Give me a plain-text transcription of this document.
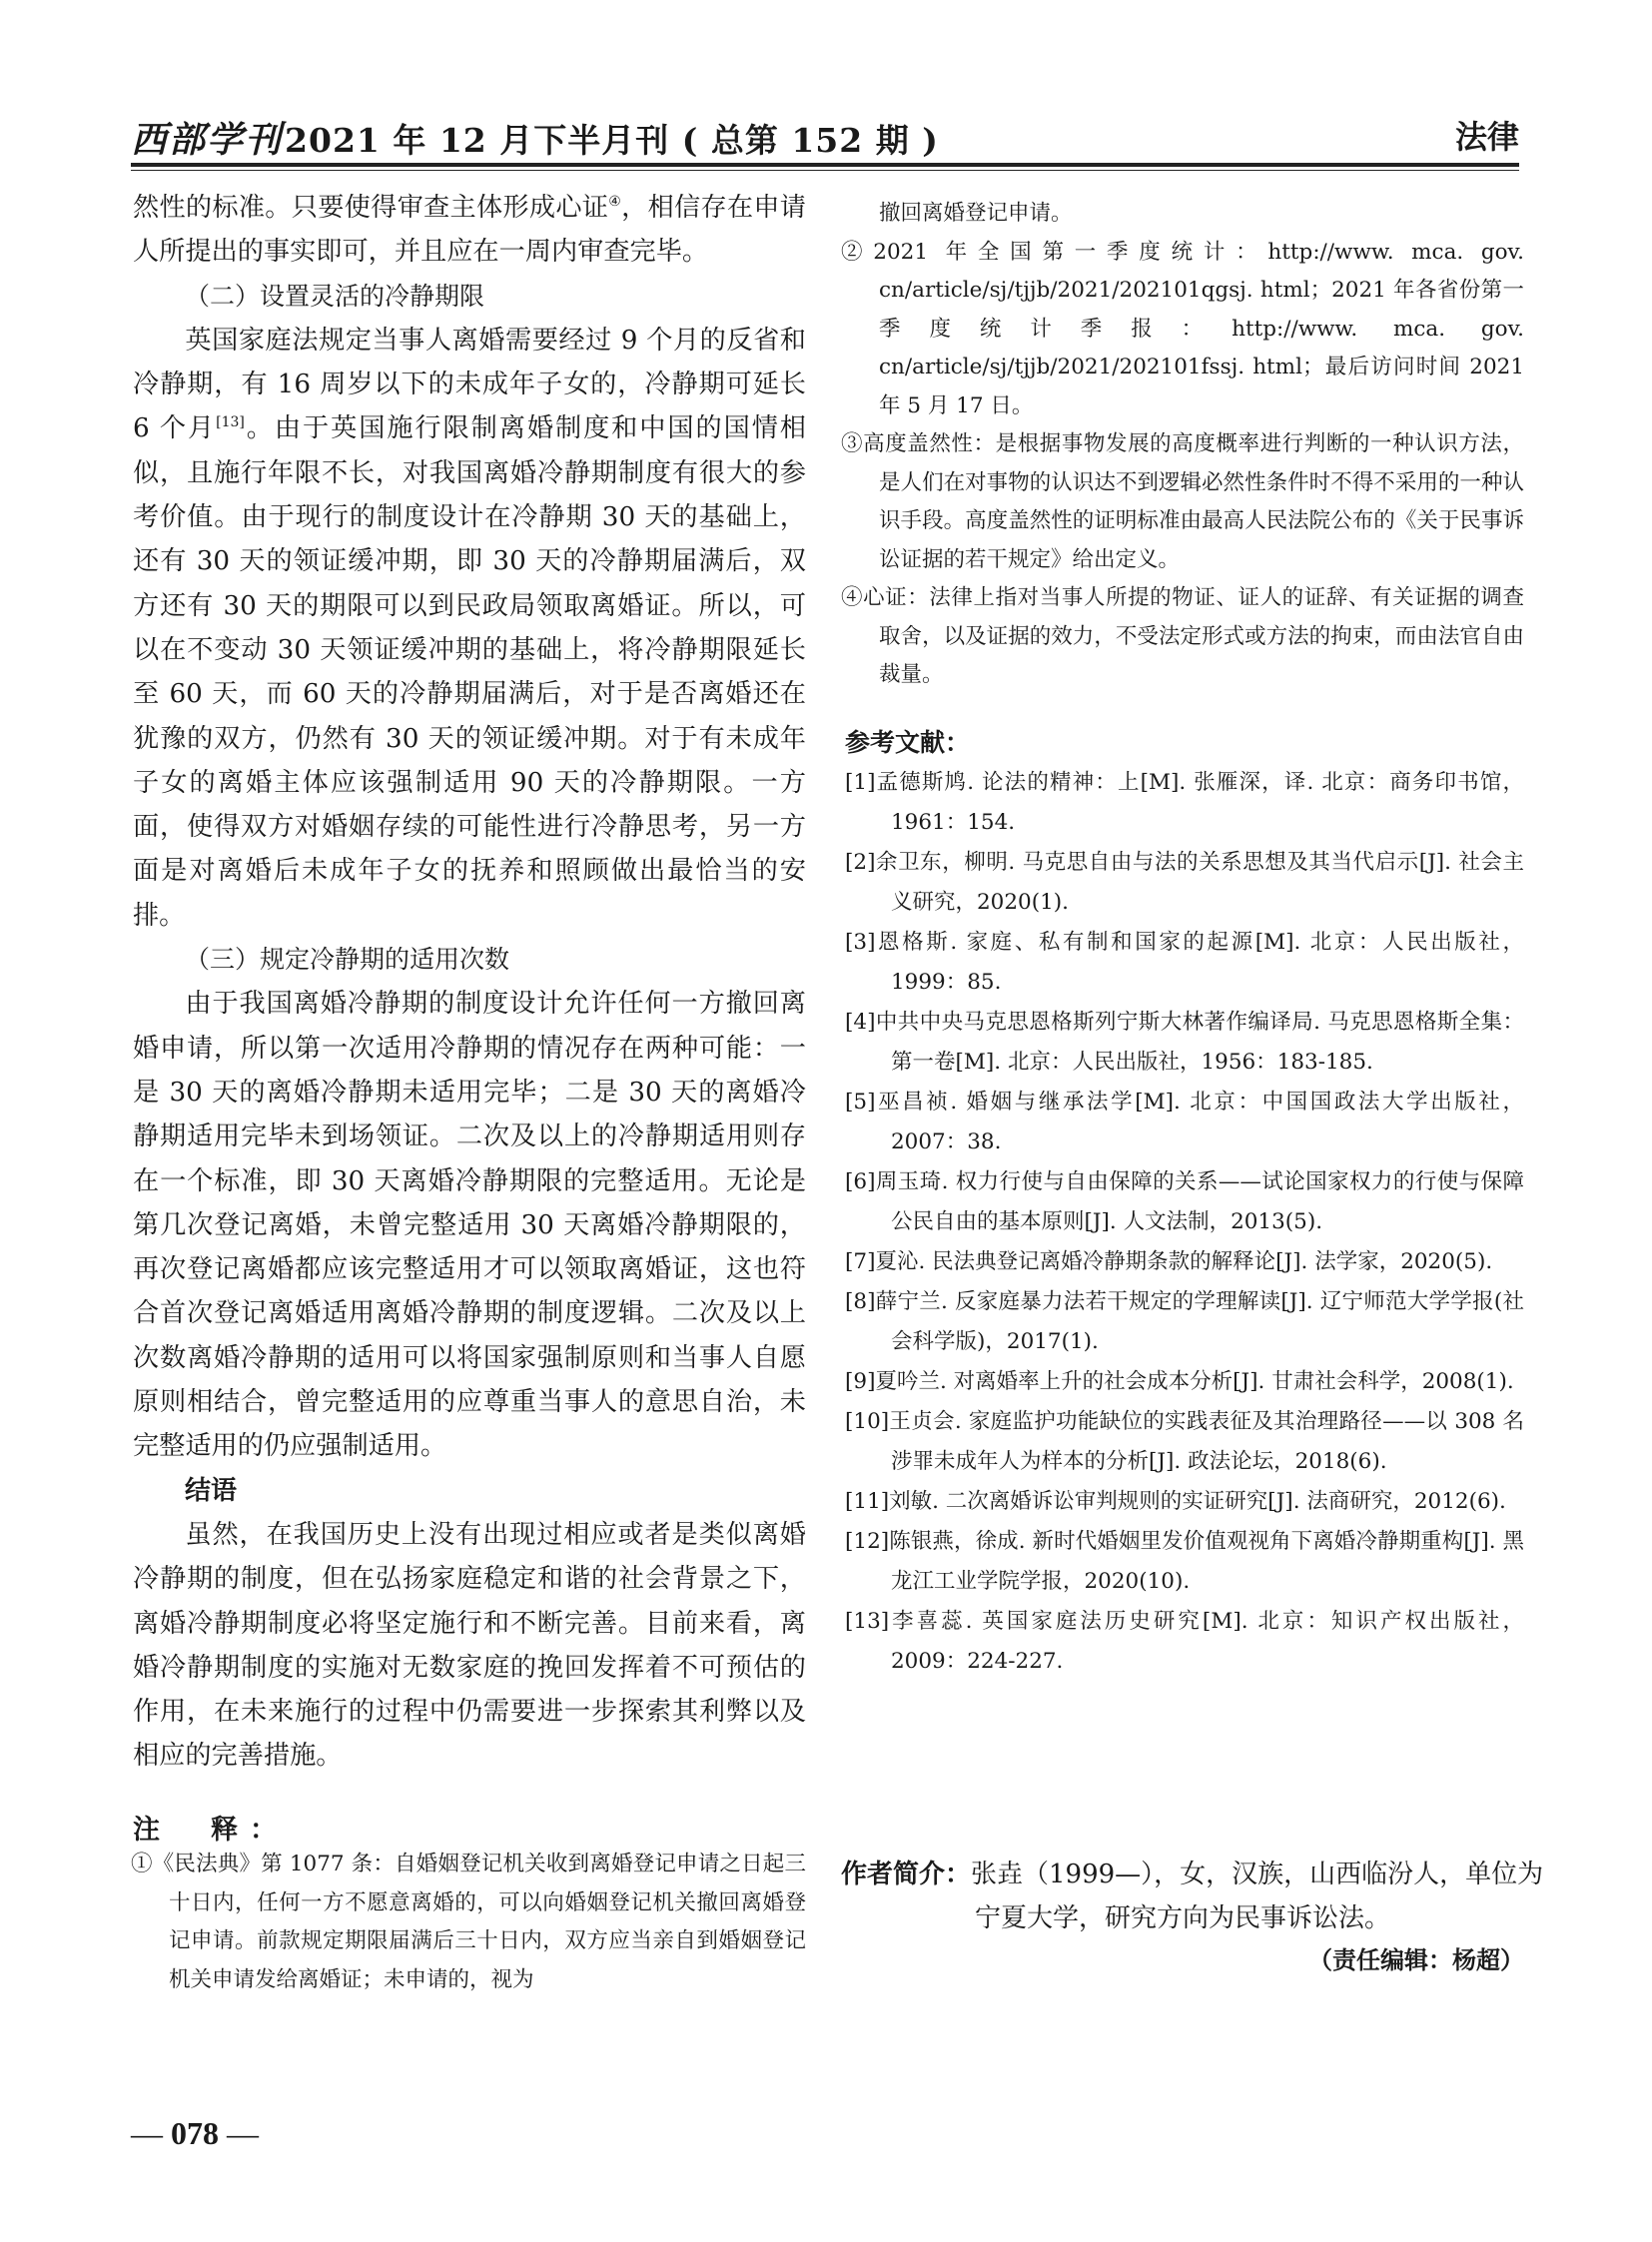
西部学刊2021 年 12 月下半月刊 ( 总第 152 期 )	法律

然性的标准。只要使得审查主体形成心证④，相信存在申请人所提出的事实即可，并且应在一周内审查完毕。

（二）设置灵活的冷静期限

英国家庭法规定当事人离婚需要经过 9 个月的反省和冷静期，有 16 周岁以下的未成年子女的，冷静期可延长 6 个月[13]。由于英国施行限制离婚制度和中国的国情相似，且施行年限不长，对我国离婚冷静期制度有很大的参考价值。由于现行的制度设计在冷静期 30 天的基础上，还有 30 天的领证缓冲期，即 30 天的冷静期届满后，双方还有 30 天的期限可以到民政局领取离婚证。所以，可以在不变动 30 天领证缓冲期的基础上，将冷静期限延长至 60 天，而 60 天的冷静期届满后，对于是否离婚还在犹豫的双方，仍然有 30 天的领证缓冲期。对于有未成年子女的离婚主体应该强制适用 90 天的冷静期限。一方面，使得双方对婚姻存续的可能性进行冷静思考，另一方面是对离婚后未成年子女的抚养和照顾做出最恰当的安排。

（三）规定冷静期的适用次数

由于我国离婚冷静期的制度设计允许任何一方撤回离婚申请，所以第一次适用冷静期的情况存在两种可能：一是 30 天的离婚冷静期未适用完毕；二是 30 天的离婚冷静期适用完毕未到场领证。二次及以上的冷静期适用则存在一个标准，即 30 天离婚冷静期限的完整适用。无论是第几次登记离婚，未曾完整适用 30 天离婚冷静期限的，再次登记离婚都应该完整适用才可以领取离婚证，这也符合首次登记离婚适用离婚冷静期的制度逻辑。二次及以上次数离婚冷静期的适用可以将国家强制原则和当事人自愿原则相结合，曾完整适用的应尊重当事人的意思自治，未完整适用的仍应强制适用。

结语

虽然，在我国历史上没有出现过相应或者是类似离婚冷静期的制度，但在弘扬家庭稳定和谐的社会背景之下，离婚冷静期制度必将坚定施行和不断完善。目前来看，离婚冷静期制度的实施对无数家庭的挽回发挥着不可预估的作用，在未来施行的过程中仍需要进一步探索其利弊以及相应的完善措施。

注　释：

①《民法典》第 1077 条：自婚姻登记机关收到离婚登记申请之日起三十日内，任何一方不愿意离婚的，可以向婚姻登记机关撤回离婚登记申请。前款规定期限届满后三十日内，双方应当亲自到婚姻登记机关申请发给离婚证；未申请的，视为

撤回离婚登记申请。

②2021 年全国第一季度统计：http://www. mca. gov. cn/article/sj/tjjb/2021/202101qgsj. html；2021 年各省份第一季度统计季报：http://www. mca. gov. cn/article/sj/tjjb/2021/202101fssj. html；最后访问时间 2021 年 5 月 17 日。

③高度盖然性：是根据事物发展的高度概率进行判断的一种认识方法，是人们在对事物的认识达不到逻辑必然性条件时不得不采用的一种认识手段。高度盖然性的证明标准由最高人民法院公布的《关于民事诉讼证据的若干规定》给出定义。

④心证：法律上指对当事人所提的物证、证人的证辞、有关证据的调查取舍，以及证据的效力，不受法定形式或方法的拘束，而由法官自由裁量。

参考文献：

[1]孟德斯鸠. 论法的精神：上[M]. 张雁深，译. 北京：商务印书馆，1961：154.

[2]余卫东，柳明. 马克思自由与法的关系思想及其当代启示[J]. 社会主义研究，2020(1).

[3]恩格斯. 家庭、私有制和国家的起源[M]. 北京：人民出版社，1999：85.

[4]中共中央马克思恩格斯列宁斯大林著作编译局. 马克思恩格斯全集：第一卷[M]. 北京：人民出版社，1956：183-185.

[5]巫昌祯. 婚姻与继承法学[M]. 北京：中国国政法大学出版社，2007：38.

[6]周玉琦. 权力行使与自由保障的关系——试论国家权力的行使与保障公民自由的基本原则[J]. 人文法制，2013(5).

[7]夏沁. 民法典登记离婚冷静期条款的解释论[J]. 法学家，2020(5).

[8]薛宁兰. 反家庭暴力法若干规定的学理解读[J]. 辽宁师范大学学报(社会科学版)，2017(1).

[9]夏吟兰. 对离婚率上升的社会成本分析[J]. 甘肃社会科学，2008(1).

[10]王贞会. 家庭监护功能缺位的实践表征及其治理路径——以 308 名涉罪未成年人为样本的分析[J]. 政法论坛，2018(6).

[11]刘敏. 二次离婚诉讼审判规则的实证研究[J]. 法商研究，2012(6).

[12]陈银燕，徐成. 新时代婚姻里发价值观视角下离婚冷静期重构[J]. 黑龙江工业学院学报，2020(10).

[13]李喜蕊. 英国家庭法历史研究[M]. 北京：知识产权出版社，2009：224-227.

作者简介：张垚（1999—），女，汉族，山西临汾人，单位为

宁夏大学，研究方向为民事诉讼法。

（责任编辑：杨超）
— 078 —
